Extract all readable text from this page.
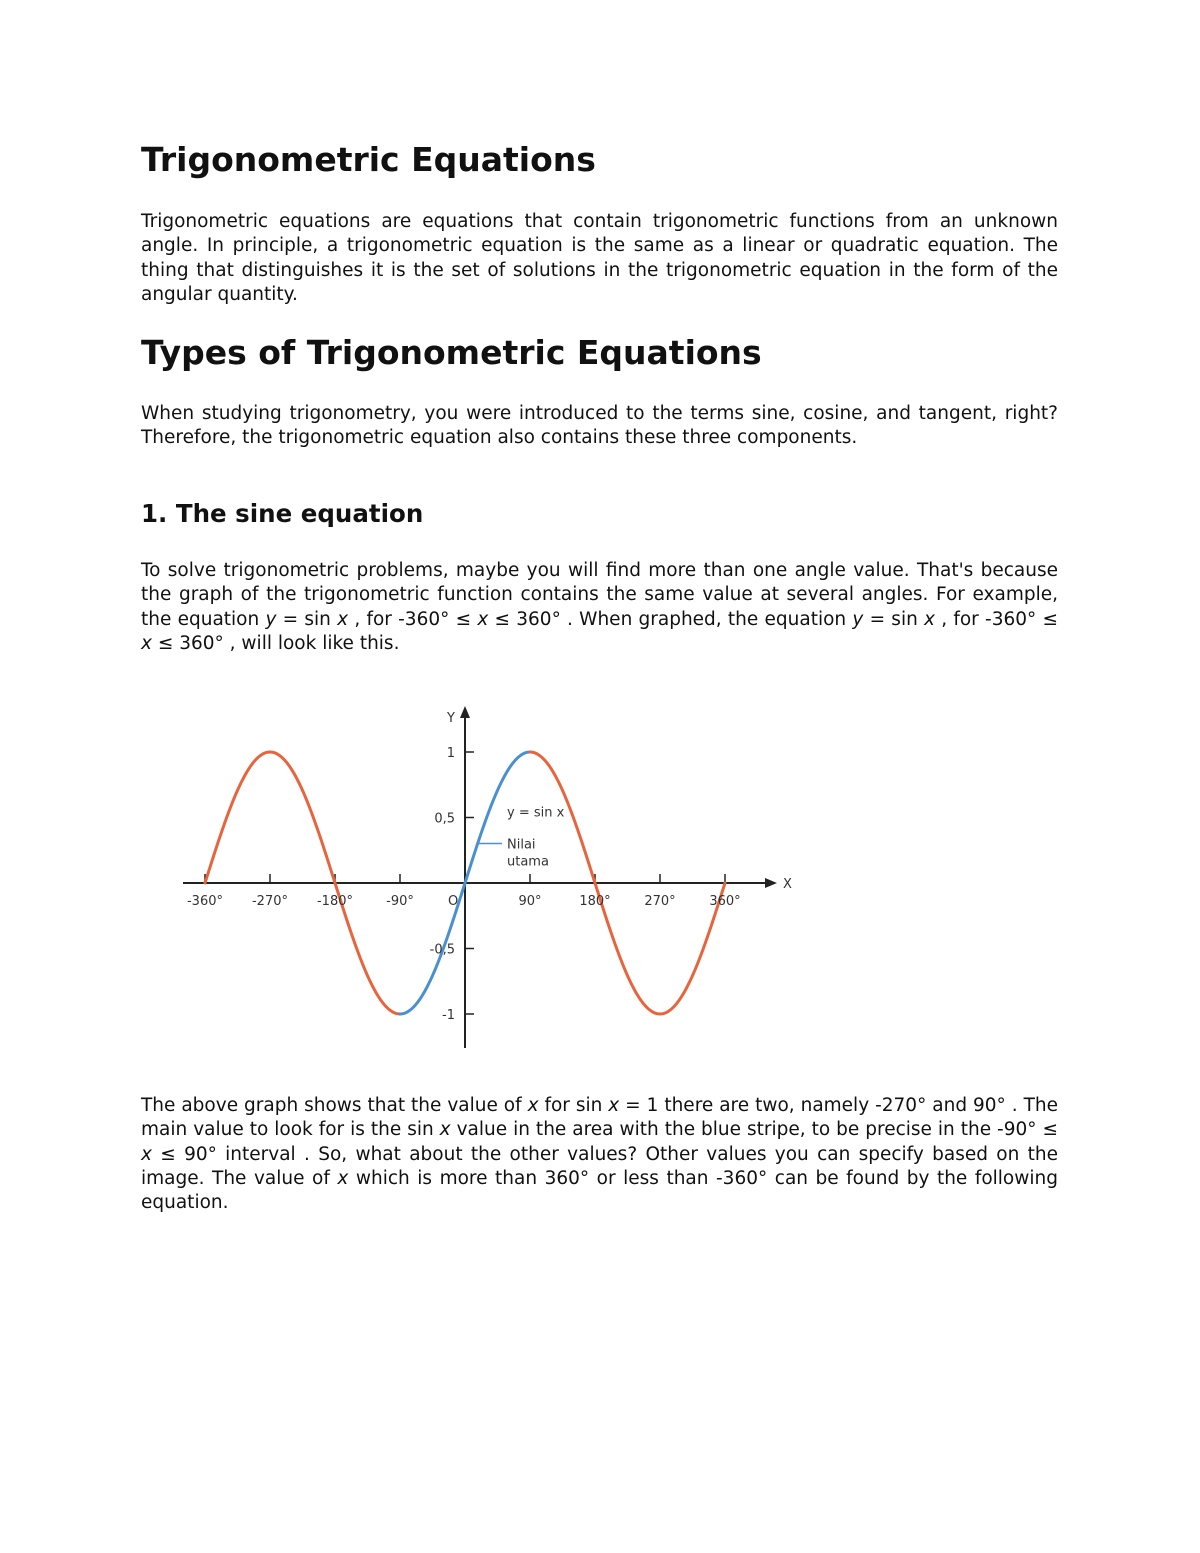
Trigonometric Equations

Trigonometric equations are equations that contain trigonometric functions from an unknown angle. In principle, a trigonometric equation is the same as a linear or quadratic equation. The thing that distinguishes it is the set of solutions in the trigonometric equation in the form of the angular quantity.

Types of Trigonometric Equations

When studying trigonometry, you were introduced to the terms sine, cosine, and tangent, right? Therefore, the trigonometric equation also contains these three components.

1. The sine equation

To solve trigonometric problems, maybe you will find more than one angle value. That's because the graph of the trigonometric function contains the same value at several angles. For example, the equation y = sin x , for -360° ≤ x ≤ 360° . When graphed, the equation y = sin x , for -360° ≤ x ≤ 360° , will look like this.

-360° -270° -180°	-90°	90°	180°	270°	360°
1
0,5
-0,5
-1
X
Y
O
y = sin x
Nilai
utama

The above graph shows that the value of x for sin x = 1 there are two, namely -270° and 90° . The main value to look for is the sin x value in the area with the blue stripe, to be precise in the -90° ≤ x ≤ 90° interval . So, what about the other values? Other values you can specify based on the image. The value of x which is more than 360° or less than -360° can be found by the following equation.
